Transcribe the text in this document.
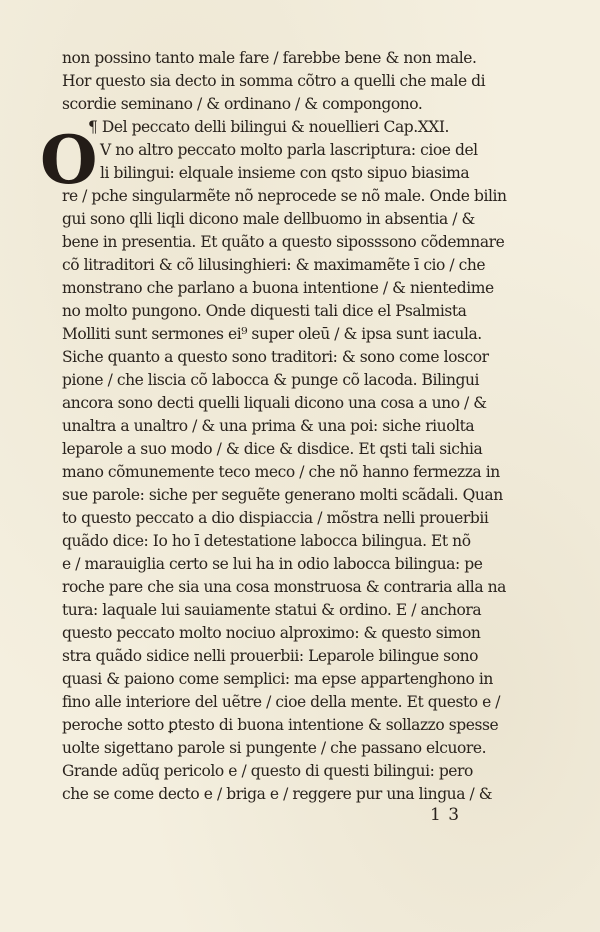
O
non possino tanto male fare / farebbe bene & non male.
Hor questo sia decto in somma cõtro a quelli che male di
scordie seminano / & ordinano / & compongono.
¶ Del peccato delli bilingui & nouellieri Cap.XXI.
V no altro peccato molto parla lascriptura: cioe del
li bilingui: elquale insieme con qsto sipuo biasima
re / pche singularmẽte nõ neprocede se nõ male. Onde bilin
gui sono qlli liqli dicono male dellbuomo in absentia / &
bene in presentia. Et quãto a questo siposssono cõdemnare
cõ litraditori & cõ lilusinghieri: & maximamẽte ī cio / che
monstrano che parlano a buona intentione / & nientedime
no molto pungono. Onde diquesti tali dice el Psalmista
Molliti sunt sermones ei⁹ super oleū / & ipsa sunt iacula.
Siche quanto a questo sono traditori: & sono come loscor
pione / che liscia cõ labocca & punge cõ lacoda. Bilingui
ancora sono decti quelli liquali dicono una cosa a uno / &
unaltra a unaltro / & una prima & una poi: siche riuolta
leparole a suo modo / & dice & disdice. Et qsti tali sichia
mano cõmunemente teco meco / che nõ hanno fermezza in
sue parole: siche per seguẽte generano molti scãdali. Quan
to questo peccato a dio dispiaccia / mõstra nelli prouerbii
quãdo dice: Io ho ī detestatione labocca bilingua. Et nõ
e / marauiglia certo se lui ha in odio labocca bilingua: pe
roche pare che sia una cosa monstruosa & contraria alla na
tura: laquale lui sauiamente statui & ordino. E / anchora
questo peccato molto nociuo alproximo: & questo simon
stra quãdo sidice nelli prouerbii: Leparole bilingue sono
quasi & paiono come semplici: ma epse appartenghono in
fino alle interiore del uẽtre / cioe della mente. Et questo e /
peroche sotto ꝑtesto di buona intentione & sollazzo spesse
uolte sigettano parole si pungente / che passano elcuore.
Grande adũq pericolo e / questo di questi bilingui: pero
che se come decto e / briga e / reggere pur una lingua / &
1 3
